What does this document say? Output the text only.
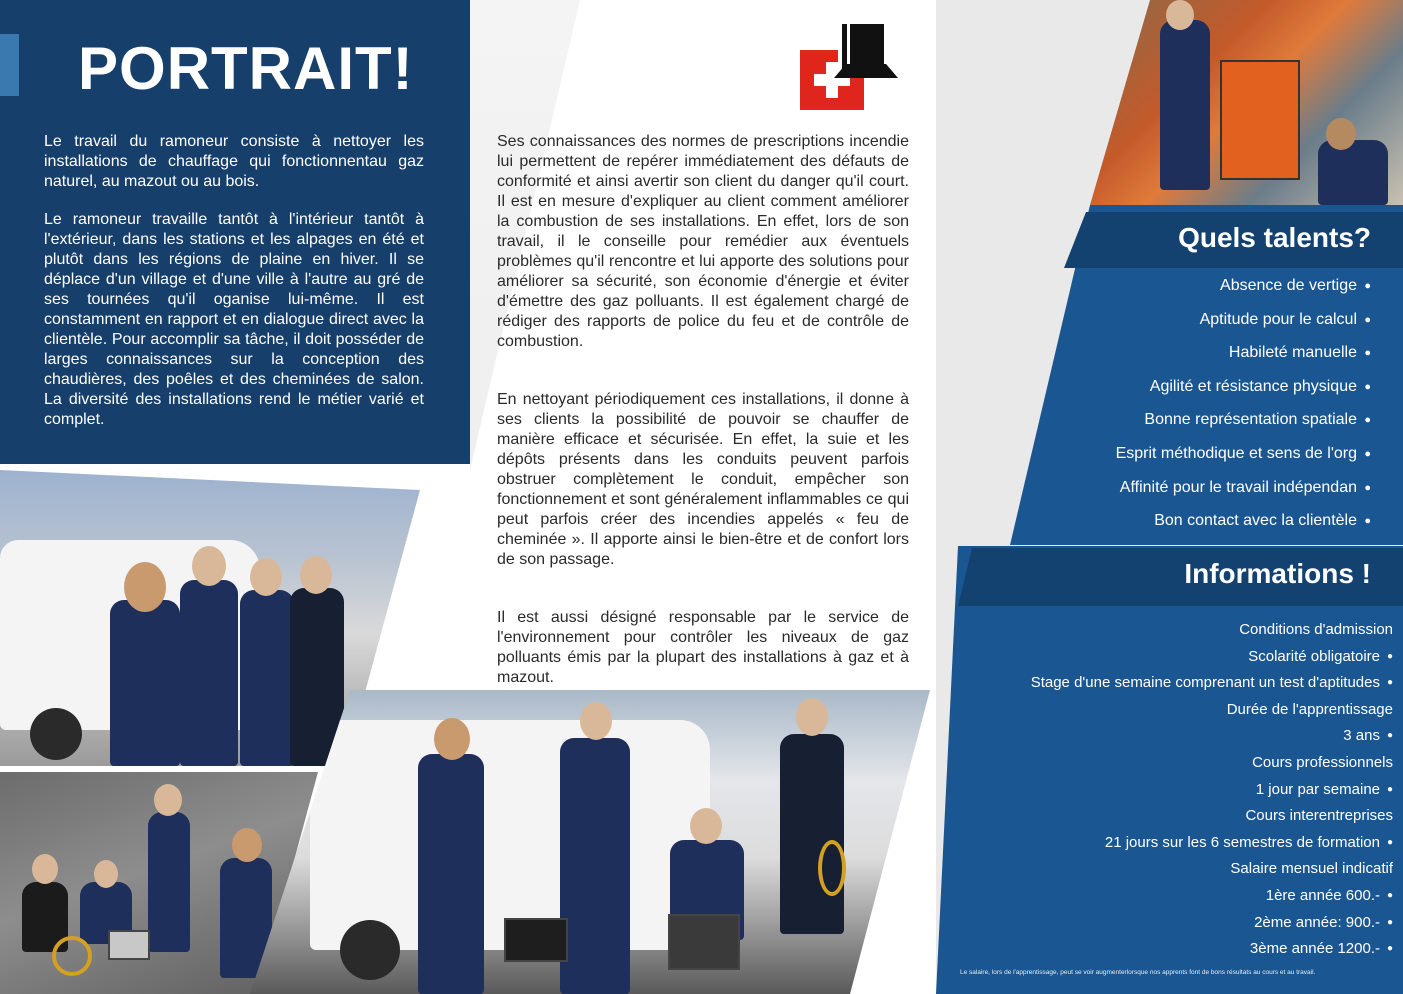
PORTRAIT!

Le travail du ramoneur consiste à nettoyer les installations de chauffage qui fonctionnentau gaz naturel, au mazout ou au bois.

Le ramoneur travaille tantôt à l'intérieur tantôt à l'extérieur, dans les stations et les alpages en été et plutôt dans les régions de plaine en hiver. Il se déplace d'un village et d'une ville à l'autre au gré de ses tournées qu'il oganise lui-même. Il est constamment en rapport et en dialogue direct avec la clientèle. Pour accomplir sa tâche, il doit posséder de larges connaissances sur la conception des chaudières, des poêles et des cheminées de salon. La diversité des installations rend le métier varié et complet.

Ses connaissances des normes de prescriptions incendie lui permettent de repérer immédiatement des défauts de conformité et ainsi avertir son client du danger qu'il court. Il est en mesure d'expliquer au client comment améliorer la combustion de ses installations. En effet, lors de son travail, il le conseille pour remédier aux éventuels problèmes qu'il rencontre et lui apporte des solutions pour améliorer sa sécurité, son économie d'énergie et éviter d'émettre des gaz polluants. Il est également chargé de rédiger des rapports de police du feu et de contrôle de combustion.

En nettoyant périodiquement ces installations, il donne à ses clients la possibilité de pouvoir se chauffer de manière efficace et sécurisée. En effet, la suie et les dépôts présents dans les conduits peuvent parfois obstruer complètement le conduit, empêcher son fonctionnement et sont généralement inflammables ce qui peut parfois créer des incendies appelés « feu de cheminée ». Il apporte ainsi le bien-être et de confort lors de son passage.

Il est aussi désigné responsable par le service de l'environnement pour contrôler les niveaux de gaz polluants émis par la plupart des installations à gaz et à mazout.

Quels talents?
Absence de vertige ●
Aptitude pour le calcul ●
Habileté manuelle ●
Agilité et résistance physique ●
Bonne représentation spatiale ●
Esprit méthodique et sens de l'org ●
Affinité pour le travail indépendan ●
Bon contact avec la clientèle ●
Informations !
Conditions d'admission
Scolarité obligatoire ●
Stage d'une semaine comprenant un test d'aptitudes ●
Durée de l'apprentissage
3 ans ●
Cours professionnels
1 jour par semaine ●
Cours interentreprises
21 jours sur les 6 semestres de formation ●
Salaire mensuel indicatif
1ère année 600.- ●
2ème année: 900.- ●
3ème année 1200.- ●

Le salaire, lors de l'apprentissage, peut se voir augmenterlorsque nos apprents font de bons résultats au cours et au travail.
